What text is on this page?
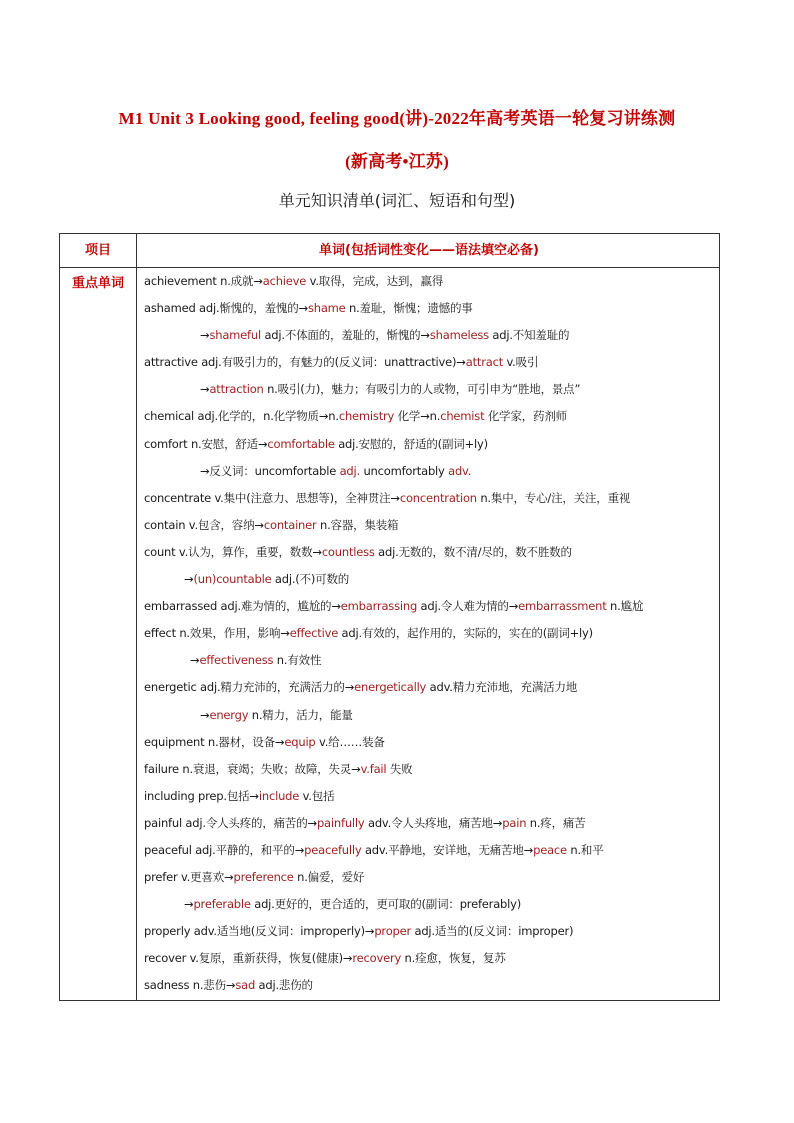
M1 Unit 3 Looking good, feeling good(讲)-2022年高考英语一轮复习讲练测
(新高考•江苏)
单元知识清单(词汇、短语和句型)
项目	单词(包括词性变化——语法填空必备)
重点单词	achievement n.成就→achieve v.取得，完成，达到，赢得
ashamed adj.惭愧的，羞愧的→shame n.羞耻，惭愧；遗憾的事
→shameful adj.不体面的，羞耻的，惭愧的→shameless adj.不知羞耻的
attractive adj.有吸引力的，有魅力的(反义词：unattractive)→attract v.吸引
→attraction n.吸引(力)，魅力；有吸引力的人或物，可引申为“胜地，景点”
chemical adj.化学的，n.化学物质→n.chemistry 化学→n.chemist 化学家，药剂师
comfort n.安慰，舒适→comfortable adj.安慰的，舒适的(副词+ly)
→反义词：uncomfortable adj. uncomfortably adv.
concentrate v.集中(注意力、思想等)，全神贯注→concentration n.集中，专心/注，关注，重视
contain v.包含，容纳→container n.容器，集装箱
count v.认为，算作，重要，数数→countless adj.无数的，数不清/尽的，数不胜数的
→(un)countable adj.(不)可数的
embarrassed adj.难为情的，尴尬的→embarrassing adj.令人难为情的→embarrassment n.尴尬
effect n.效果，作用，影响→effective adj.有效的，起作用的，实际的，实在的(副词+ly)
→effectiveness n.有效性
energetic adj.精力充沛的，充满活力的→energetically adv.精力充沛地，充满活力地
→energy n.精力，活力，能量
equipment n.器材，设备→equip v.给……装备
failure n.衰退，衰竭；失败；故障，失灵→v.fail 失败
including prep.包括→include v.包括
painful adj.令人头疼的，痛苦的→painfully adv.令人头疼地，痛苦地→pain n.疼，痛苦
peaceful adj.平静的，和平的→peacefully adv.平静地，安详地，无痛苦地→peace n.和平
prefer v.更喜欢→preference n.偏爱，爱好
→preferable adj.更好的，更合适的，更可取的(副词：preferably)
properly adv.适当地(反义词：improperly)→proper adj.适当的(反义词：improper)
recover v.复原，重新获得，恢复(健康)→recovery n.痊愈，恢复，复苏
sadness n.悲伤→sad adj.悲伤的
